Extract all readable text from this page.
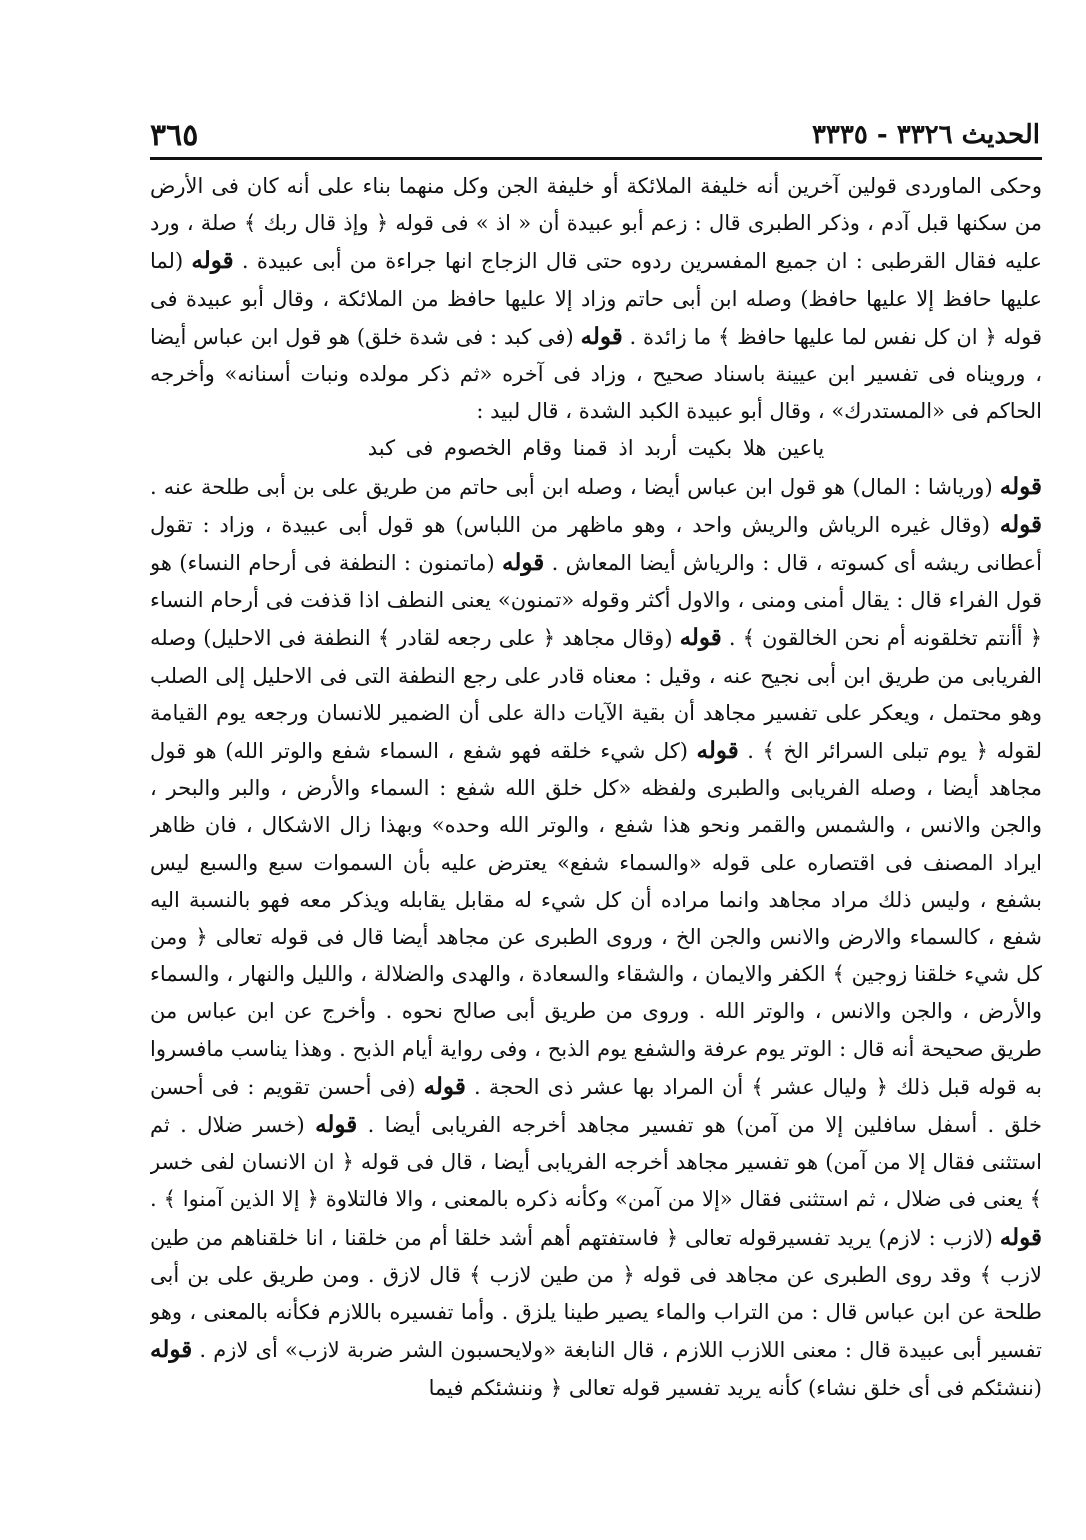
الحديث ٣٣٢٦ - ٣٣٣٥
٣٦٥

وحكى الماوردى قولين آخرين أنه خليفة الملائكة أو خليفة الجن وكل منهما بناء على أنه كان فى الأرض من سكنها قبل آدم ، وذكر الطبرى قال : زعم أبو عبيدة أن « اذ » فى قوله ﴿ وإذ قال ربك ﴾ صلة ، ورد عليه فقال القرطبى : ان جميع المفسرين ردوه حتى قال الزجاج انها جراءة من أبى عبيدة . قوله (لما عليها حافظ إلا عليها حافظ) وصله ابن أبى حاتم وزاد إلا عليها حافظ من الملائكة ، وقال أبو عبيدة فى قوله ﴿ ان كل نفس لما عليها حافظ ﴾ ما زائدة . قوله (فى كبد : فى شدة خلق) هو قول ابن عباس أيضا ، ورويناه فى تفسير ابن عيينة باسناد صحيح ، وزاد فى آخره «ثم ذكر مولده ونبات أسنانه» وأخرجه الحاكم فى «المستدرك» ، وقال أبو عبيدة الكبد الشدة ، قال لبيد :

ياعين هلا بكيت أربد اذ قمنا وقام الخصوم فى كبد

قوله (ورياشا : المال) هو قول ابن عباس أيضا ، وصله ابن أبى حاتم من طريق على بن أبى طلحة عنه . قوله (وقال غيره الرياش والريش واحد ، وهو ماظهر من اللباس) هو قول أبى عبيدة ، وزاد : تقول أعطانى ريشه أى كسوته ، قال : والرياش أيضا المعاش . قوله (ماتمنون : النطفة فى أرحام النساء) هو قول الفراء قال : يقال أمنى ومنى ، والاول أكثر وقوله «تمنون» يعنى النطف اذا قذفت فى أرحام النساء ﴿ أأنتم تخلقونه أم نحن الخالقون ﴾ . قوله (وقال مجاهد ﴿ على رجعه لقادر ﴾ النطفة فى الاحليل) وصله الفريابى من طريق ابن أبى نجيح عنه ، وقيل : معناه قادر على رجع النطفة التى فى الاحليل إلى الصلب وهو محتمل ، ويعكر على تفسير مجاهد أن بقية الآيات دالة على أن الضمير للانسان ورجعه يوم القيامة لقوله ﴿ يوم تبلى السرائر الخ ﴾ . قوله (كل شيء خلقه فهو شفع ، السماء شفع والوتر الله) هو قول مجاهد أيضا ، وصله الفريابى والطبرى ولفظه «كل خلق الله شفع : السماء والأرض ، والبر والبحر ، والجن والانس ، والشمس والقمر ونحو هذا شفع ، والوتر الله وحده» وبهذا زال الاشكال ، فان ظاهر ايراد المصنف فى اقتصاره على قوله «والسماء شفع» يعترض عليه بأن السموات سبع والسبع ليس بشفع ، وليس ذلك مراد مجاهد وانما مراده أن كل شيء له مقابل يقابله ويذكر معه فهو بالنسبة اليه شفع ، كالسماء والارض والانس والجن الخ ، وروى الطبرى عن مجاهد أيضا قال فى قوله تعالى ﴿ ومن كل شيء خلقنا زوجين ﴾ الكفر والايمان ، والشقاء والسعادة ، والهدى والضلالة ، والليل والنهار ، والسماء والأرض ، والجن والانس ، والوتر الله . وروى من طريق أبى صالح نحوه . وأخرج عن ابن عباس من طريق صحيحة أنه قال : الوتر يوم عرفة والشفع يوم الذبح ، وفى رواية أيام الذبح . وهذا يناسب مافسروا به قوله قبل ذلك ﴿ وليال عشر ﴾ أن المراد بها عشر ذى الحجة . قوله (فى أحسن تقويم : فى أحسن خلق . أسفل سافلين إلا من آمن) هو تفسير مجاهد أخرجه الفريابى أيضا . قوله (خسر ضلال . ثم استثنى فقال إلا من آمن) هو تفسير مجاهد أخرجه الفريابى أيضا ، قال فى قوله ﴿ ان الانسان لفى خسر ﴾ يعنى فى ضلال ، ثم استثنى فقال «إلا من آمن» وكأنه ذكره بالمعنى ، والا فالتلاوة ﴿ إلا الذين آمنوا ﴾ . قوله (لازب : لازم) يريد تفسيرقوله تعالى ﴿ فاستفتهم أهم أشد خلقا أم من خلقنا ، انا خلقناهم من طين لازب ﴾ وقد روى الطبرى عن مجاهد فى قوله ﴿ من طين لازب ﴾ قال لازق . ومن طريق على بن أبى طلحة عن ابن عباس قال : من التراب والماء يصير طينا يلزق . وأما تفسيره باللازم فكأنه بالمعنى ، وهو تفسير أبى عبيدة قال : معنى اللازب اللازم ، قال النابغة «ولايحسبون الشر ضربة لازب» أى لازم . قوله (ننشئكم فى أى خلق نشاء) كأنه يريد تفسير قوله تعالى ﴿ وننشئكم فيما
